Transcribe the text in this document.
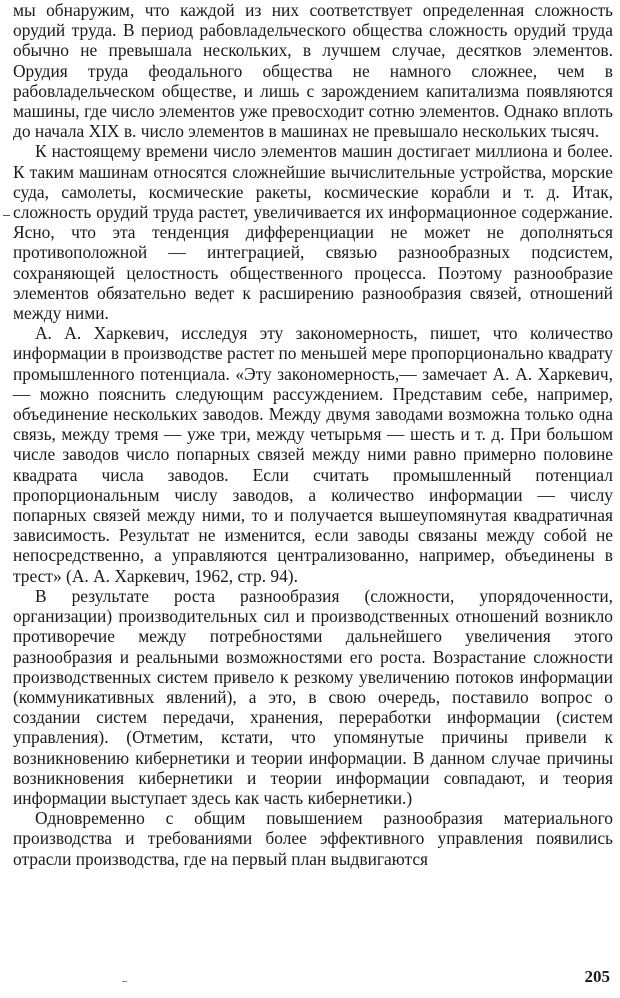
мы обнаружим, что каждой из них соответствует определенная сложность орудий труда. В период рабовладельческого общества сложность орудий труда обычно не превышала нескольких, в лучшем случае, десятков элементов. Орудия труда феодального общества не намного сложнее, чем в рабовладельческом обществе, и лишь с зарождением капитализма появляются машины, где число элементов уже превосходит сотню элементов. Однако вплоть до начала XIX в. число элементов в машинах не превышало нескольких тысяч.

К настоящему времени число элементов машин достигает миллиона и более. К таким машинам относятся сложнейшие вычислительные устройства, морские суда, самолеты, космические ракеты, космические корабли и т. д. Итак, сложность орудий труда растет, увеличивается их информационное содержание. Ясно, что эта тенденция дифференциации не может не дополняться противоположной — интеграцией, связью разнообразных подсистем, сохраняющей целостность общественного процесса. Поэтому разнообразие элементов обязательно ведет к расширению разнообразия связей, отношений между ними.

А. А. Харкевич, исследуя эту закономерность, пишет, что количество информации в производстве растет по меньшей мере пропорционально квадрату промышленного потенциала. «Эту закономерность,— замечает А. А. Харкевич,— можно пояснить следующим рассуждением. Представим себе, например, объединение нескольких заводов. Между двумя заводами возможна только одна связь, между тремя — уже три, между четырьмя — шесть и т. д. При большом числе заводов число попарных связей между ними равно примерно половине квадрата числа заводов. Если считать промышленный потенциал пропорциональным числу заводов, а количество информации — числу попарных связей между ними, то и получается вышеупомянутая квадратичная зависимость. Результат не изменится, если заводы связаны между собой не непосредственно, а управляются централизованно, например, объединены в трест» (А. А. Харкевич, 1962, стр. 94).

В результате роста разнообразия (сложности, упорядоченности, организации) производительных сил и производственных отношений возникло противоречие между потребностями дальнейшего увеличения этого разнообразия и реальными возможностями его роста. Возрастание сложности производственных систем привело к резкому увеличению потоков информации (коммуникативных явлений), а это, в свою очередь, поставило вопрос о создании систем передачи, хранения, переработки информации (систем управления). (Отметим, кстати, что упомянутые причины привели к возникновению кибернетики и теории информации. В данном случае причины возникновения кибернетики и теории информации совпадают, и теория информации выступает здесь как часть кибернетики.)

Одновременно с общим повышением разнообразия материального производства и требованиями более эффективного управления появились отрасли производства, где на первый план выдвигаются

205
